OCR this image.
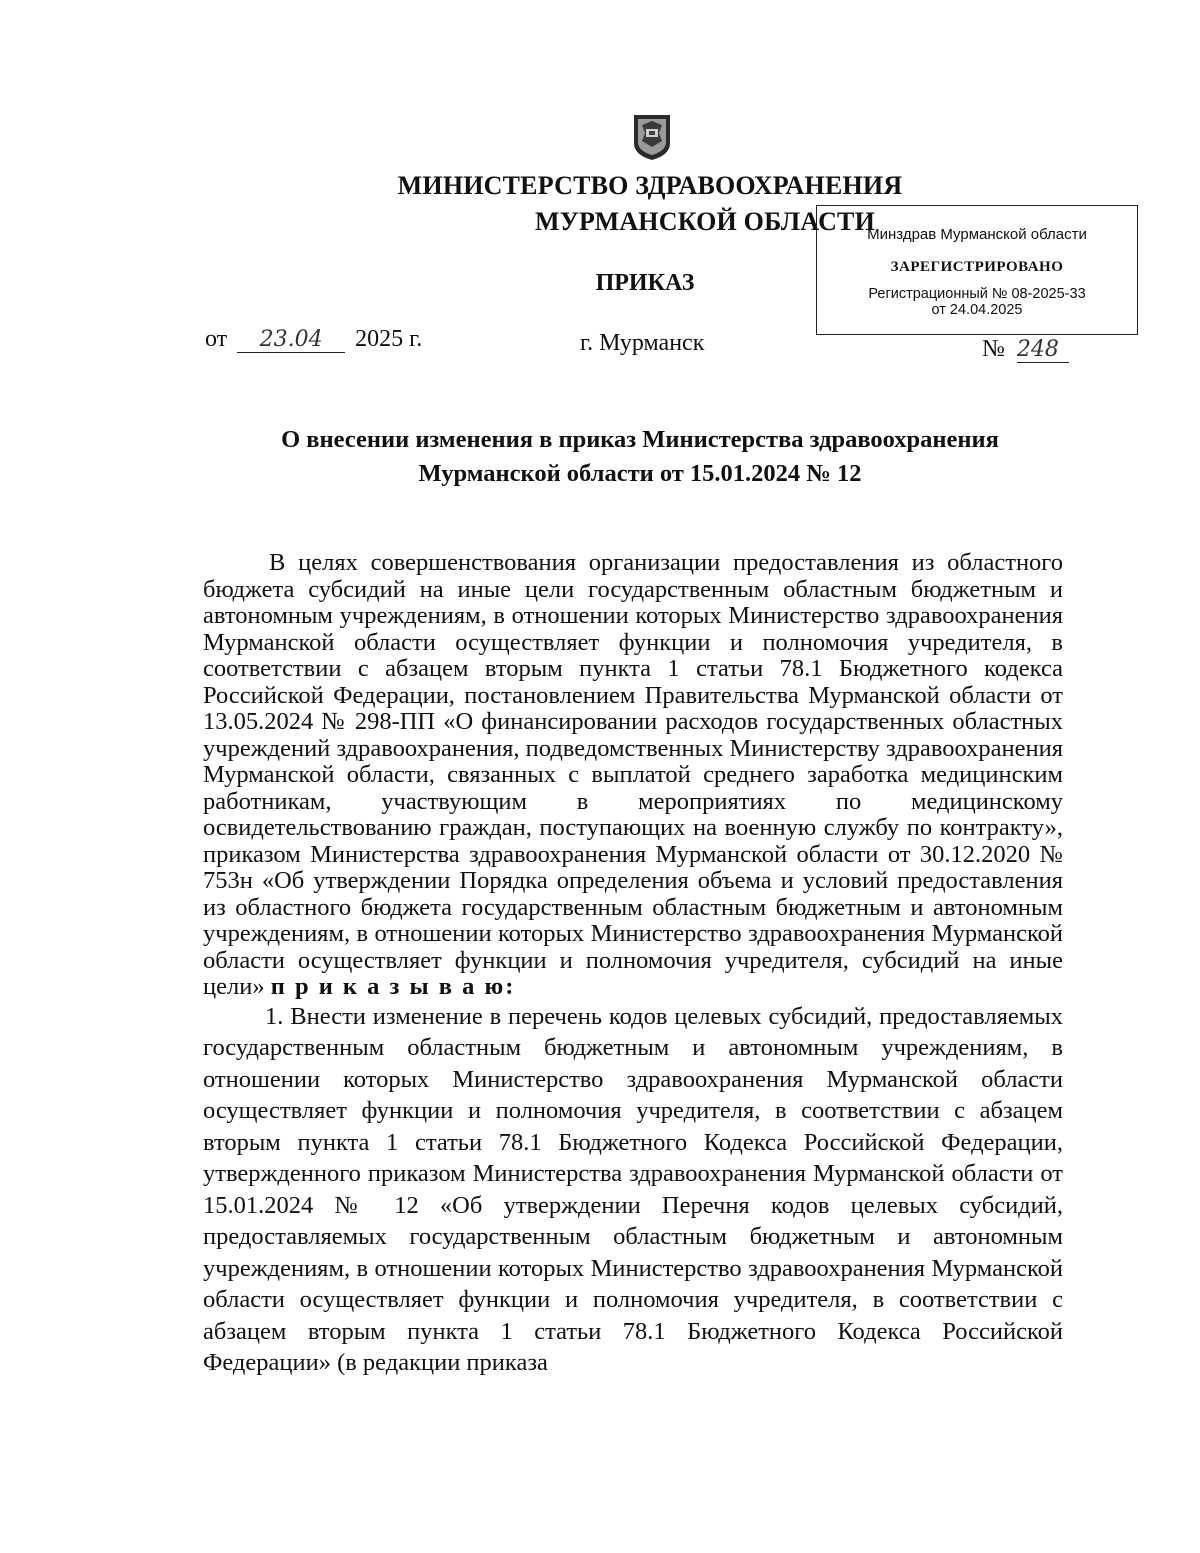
МИНИСТЕРСТВО ЗДРАВООХРАНЕНИЯ
МУРМАНСКОЙ ОБЛАСТИ
Минздрав Мурманской области
ЗАРЕГИСТРИРОВАНО
Регистрационный № 08-2025-33
от 24.04.2025
ПРИКАЗ
от 23.04 2025 г.	г. Мурманск	№ 248
О внесении изменения в приказ Министерства здравоохранения
Мурманской области от 15.01.2024 № 12

В целях совершенствования организации предоставления из областного бюджета субсидий на иные цели государственным областным бюджетным и автономным учреждениям, в отношении которых Министерство здравоохранения Мурманской области осуществляет функции и полномочия учредителя, в соответствии с абзацем вторым пункта 1 статьи 78.1 Бюджетного кодекса Российской Федерации, постановлением Правительства Мурманской области от 13.05.2024 № 298-ПП «О финансировании расходов государственных областных учреждений здравоохранения, подведомственных Министерству здравоохранения Мурманской области, связанных с выплатой среднего заработка медицинским работникам, участвующим в мероприятиях по медицинскому освидетельствованию граждан, поступающих на военную службу по контракту», приказом Министерства здравоохранения Мурманской области от 30.12.2020 № 753н «Об утверждении Порядка определения объема и условий предоставления из областного бюджета государственным областным бюджетным и автономным учреждениям, в отношении которых Министерство здравоохранения Мурманской области осуществляет функции и полномочия учредителя, субсидий на иные цели» п р и к а з ы в а ю:

1. Внести изменение в перечень кодов целевых субсидий, предоставляемых государственным областным бюджетным и автономным учреждениям, в отношении которых Министерство здравоохранения Мурманской области осуществляет функции и полномочия учредителя, в соответствии с абзацем вторым пункта 1 статьи 78.1 Бюджетного Кодекса Российской Федерации, утвержденного приказом Министерства здравоохранения Мурманской области от 15.01.2024 № 12 «Об утверждении Перечня кодов целевых субсидий, предоставляемых государственным областным бюджетным и автономным учреждениям, в отношении которых Министерство здравоохранения Мурманской области осуществляет функции и полномочия учредителя, в соответствии с абзацем вторым пункта 1 статьи 78.1 Бюджетного Кодекса Российской Федерации» (в редакции приказа
